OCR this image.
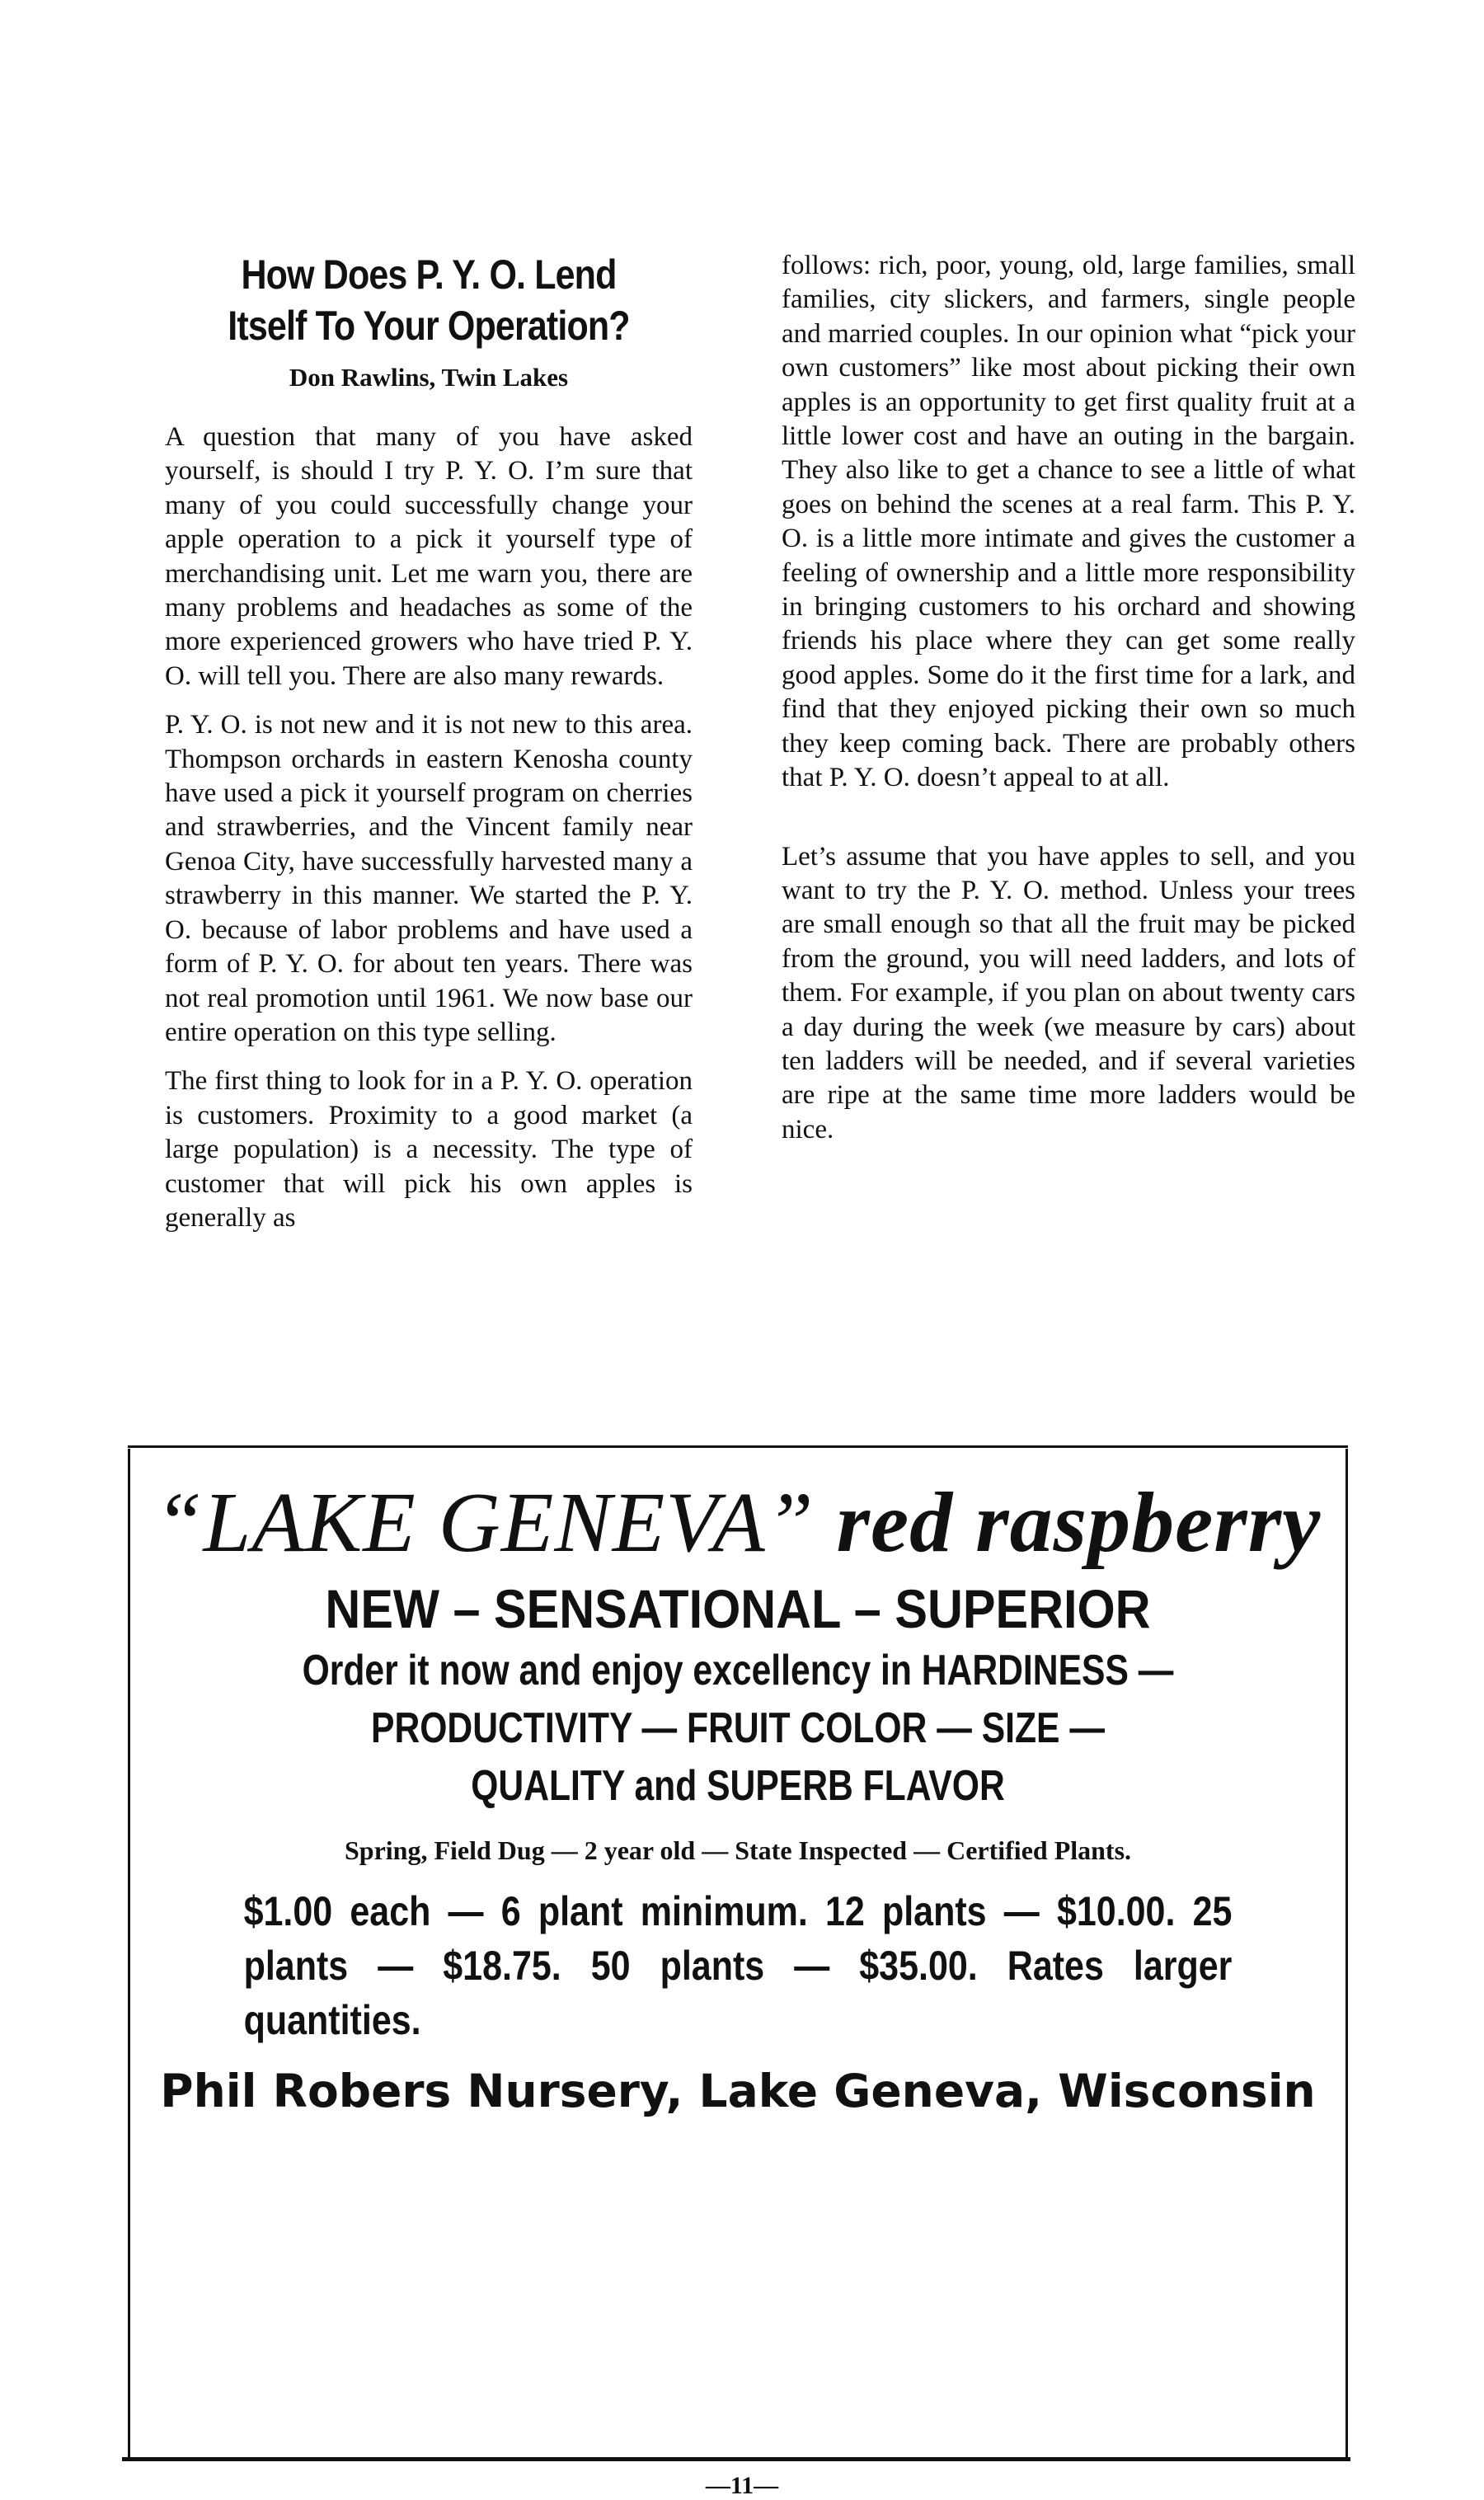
How Does P. Y. O. Lend
Itself To Your Operation?
Don Rawlins, Twin Lakes

A question that many of you have asked yourself, is should I try P. Y. O. I’m sure that many of you could successfully change your apple operation to a pick it yourself type of merchandising unit. Let me warn you, there are many problems and headaches as some of the more experienced growers who have tried P. Y. O. will tell you. There are also many rewards.

P. Y. O. is not new and it is not new to this area. Thompson orchards in eastern Kenosha county have used a pick it yourself program on cherries and strawberries, and the Vincent family near Genoa City, have successfully harvested many a strawberry in this manner. We started the P. Y. O. because of labor problems and have used a form of P. Y. O. for about ten years. There was not real promotion until 1961. We now base our entire operation on this type selling.

The first thing to look for in a P. Y. O. operation is customers. Proximity to a good market (a large population) is a necessity. The type of customer that will pick his own apples is generally as

follows: rich, poor, young, old, large families, small families, city slickers, and farmers, single people and married couples. In our opinion what “pick your own customers” like most about picking their own apples is an opportunity to get first quality fruit at a little lower cost and have an outing in the bargain. They also like to get a chance to see a little of what goes on behind the scenes at a real farm. This P. Y. O. is a little more intimate and gives the customer a feeling of ownership and a little more responsibility in bringing customers to his orchard and showing friends his place where they can get some really good apples. Some do it the first time for a lark, and find that they enjoyed picking their own so much they keep coming back. There are probably others that P. Y. O. doesn’t appeal to at all.

Let’s assume that you have apples to sell, and you want to try the P. Y. O. method. Unless your trees are small enough so that all the fruit may be picked from the ground, you will need ladders, and lots of them. For example, if you plan on about twenty cars a day during the week (we measure by cars) about ten ladders will be needed, and if several varieties are ripe at the same time more ladders would be nice.

“LAKE GENEVA” red raspberry
NEW – SENSATIONAL – SUPERIOR
Order it now and enjoy excellency in HARDINESS —
PRODUCTIVITY — FRUIT COLOR — SIZE —
QUALITY and SUPERB FLAVOR
Spring, Field Dug — 2 year old — State Inspected — Certified Plants.
$1.00 each — 6 plant minimum. 12 plants — $10.00. 25 plants — $18.75. 50 plants — $35.00. Rates larger quantities.
Phil Robers Nursery, Lake Geneva, Wisconsin
—11—
